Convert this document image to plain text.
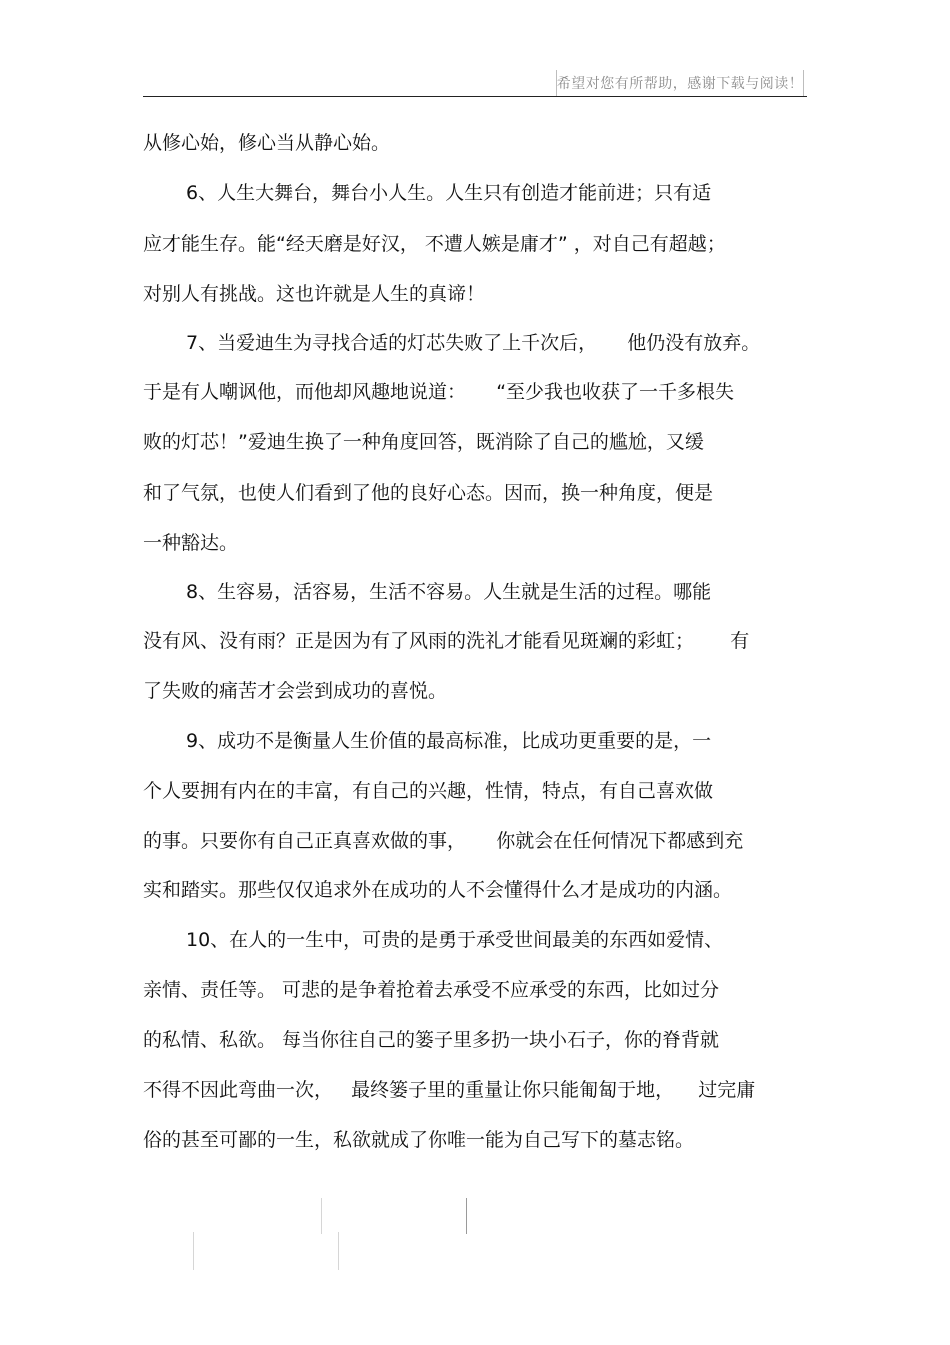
希望对您有所帮助，感谢下载与阅读！
从修心始，修心当从静心始。
6、人生大舞台，舞台小人生。人生只有创造才能前进；只有适
应才能生存。能“经天磨是好汉， 不遭人嫉是庸才” ，对自己有超越；
对别人有挑战。这也许就是人生的真谛！
7、当爱迪生为寻找合适的灯芯失败了上千次后，     他仍没有放弃。
于是有人嘲讽他，而他却风趣地说道：     “至少我也收获了一千多根失
败的灯芯！”爱迪生换了一种角度回答，既消除了自己的尴尬，又缓
和了气氛，也使人们看到了他的良好心态。因而，换一种角度，便是
一种豁达。
8、生容易，活容易，生活不容易。人生就是生活的过程。哪能
没有风、没有雨？正是因为有了风雨的洗礼才能看见斑斓的彩虹；      有
了失败的痛苦才会尝到成功的喜悦。
9、成功不是衡量人生价值的最高标准，比成功更重要的是，一
个人要拥有内在的丰富，有自己的兴趣，性情，特点，有自己喜欢做
的事。只要你有自己正真喜欢做的事，     你就会在任何情况下都感到充
实和踏实。那些仅仅追求外在成功的人不会懂得什么才是成功的内涵。
10、在人的一生中，可贵的是勇于承受世间最美的东西如爱情、
亲情、责任等。 可悲的是争着抢着去承受不应承受的东西，比如过分
的私情、私欲。 每当你往自己的篓子里多扔一块小石子，你的脊背就
不得不因此弯曲一次，   最终篓子里的重量让你只能匍匐于地，    过完庸
俗的甚至可鄙的一生，私欲就成了你唯一能为自己写下的墓志铭。
